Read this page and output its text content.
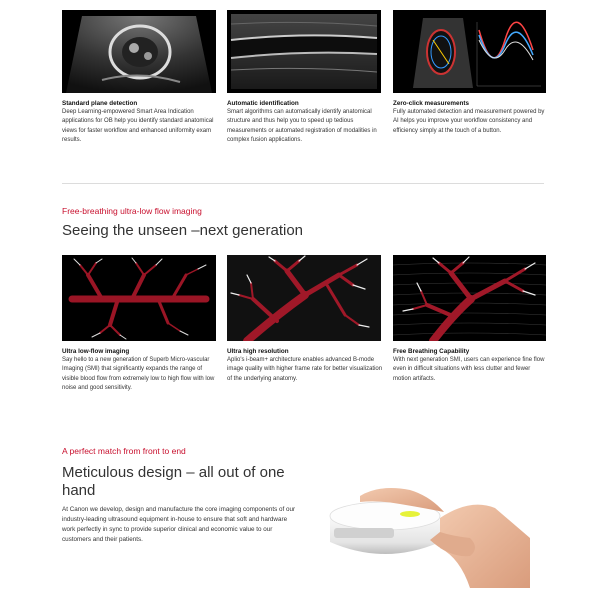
Standard plane detection
Deep Learning-empowered Smart Area Indication applications for OB help you identify standard anatomical views for faster workflow and enhanced uniformity exam results.
Automatic identification
Smart algorithms can automatically identify anatomical structure and thus help you to speed up tedious measurements or automated registration of modalities in complex fusion applications.
Zero-click measurements
Fully automated detection and measurement powered by AI helps you improve your workflow consistency and efficiency simply at the touch of a button.
Free-breathing ultra-low flow imaging
Seeing the unseen –next generation
Ultra low-flow imaging
Say hello to a new generation of Superb Micro-vascular Imaging (SMI) that significantly expands the range of visible blood flow from extremely low to high flow with low noise and good sensitivity.
Ultra high resolution
Aplio's i-beam+ architecture enables advanced B-mode image quality with higher frame rate for better visualization of the underlying anatomy.
Free Breathing Capability
With next generation SMI, users can experience fine flow even in difficult situations with less clutter and fewer motion artifacts.
A perfect match from front to end
Meticulous design – all out of one
hand
At Canon we develop, design and manufacture the core imaging components of our industry-leading ultrasound equipment in-house to ensure that soft and hardware work perfectly in sync to provide superior clinical and economic value to our customers and their patients.
